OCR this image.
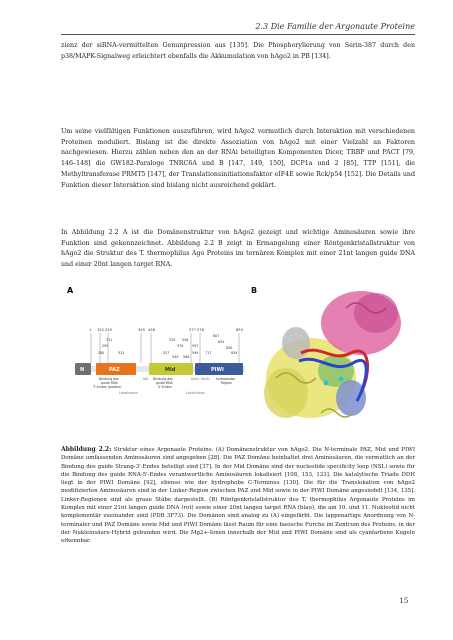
2.3 Die Familie der Argonaute Proteine
zienz der siRNA-vermittelten Genunpression aus [135]. Die Phosphorylierung von Serin-387 durch den p38/MAPK-Signalweg erleichtert ebenfalls die Akkumulation von hAgo2 in PB [134].
Um seine vielfältigen Funktionen auszuführen, wird hAgo2 vermutlich durch Interaktion mit verschiedenen Proteinen moduliert. Bislang ist die direkte Assoziation von hAgo2 mit einer Vielzahl an Faktoren nachgewiesen. Hierzu zählen neben den an der RNAi beteiligten Komponenten Dicer, TRBP und PACT [79, 146–148] die GW182-Paraloge TNRC6A und B [147, 149, 150], DCP1a und 2 [85], TTP [151], die Methyltransferase PRMT5 [147], der Translationsinitiationsfaktor eIF4E sowie Rck/p54 [152]. Die Details und Funktion dieser Interaktion sind bislang nicht ausreichend geklärt.
In Abbildung 2.2 A ist die Domänenstruktur von hAgo2 gezeigt und wichtige Aminosäuren sowie ihre Funktion sind gekennzeichnet. Abbildung 2.2 B zeigt in Ermangelung einer Röntgenkristallstruktur von hAgo2 die Struktur des T. thermophilus Ago Proteins im ternären Komplex mit einer 21nt langen guide DNA und einer 20nt langen target RNA.
A
1 152 229	395 426	577 578	859
311
299
529
570
546
597
807
834
850
280	312	527
549 566
599 717	859
N	PAZ	Mid	PIWI
Bindung des
guide RNA
3'-Endes (putativ)
NSL Bindung des
guide RNA
5'-Endes
Aktiv. Zentr. hydrophobe
Region
Lokalisation	Lokalisation
B
Abbildung 2.2: Struktur eines Argonaute Proteins. (A) Domänenstruktur von hAgo2. Die N-terminale PAZ, Mid und PIWI Domäne umfassenden Aminosäuren sind angegeben [28]. Die PAZ Domäne beinhaltet drei Aminosäuren, die vermutlich an der Bindung des guide Strang-3'-Endes beteiligt sind [37]. In der Mid Domäne sind der nucleotide specificity loop (NSL) sowie für die Bindung des guide RNA-5'-Endes verantwortliche Aminosäuren lokalisiert [108, 153, 133]. Die katalytische Triade DDH liegt in der PIWI Domäne [92], ebenso wie der hydrophobe C-Terminus [130]. Die für die Translokation von hAgo2 modifizierten Aminosäuren sind in der Linker-Region zwischen PAZ und Mid sowie in der PIWI Domäne angesiedelt [134, 135]. Linker-Regionen sind als graue Stäbe dargestellt. (B) Röntgenkristallstruktur des T. thermophilus Argonaute Proteins im Komplex mit einer 21nt langen guide DNA (rot) sowie einer 20nt langen target RNA (blau), die am 10. und 11. Nukleotid nicht komplementär zueinander sind (PDB 3F73). Die Domänen sind analog zu (A) eingefärbt. Die lappenartige Anordnung von N-terminaler und PAZ Domäne sowie Mid und PIWI Domäne lässt Raum für eine basische Furche im Zentrum des Proteins, in der der Nukleinsäure-Hybrid gebunden wird. Die Mg2+-Ionen innerhalb der Mid und PIWI Domäne sind als cyanfarbene Kugeln erkennbar.
15
